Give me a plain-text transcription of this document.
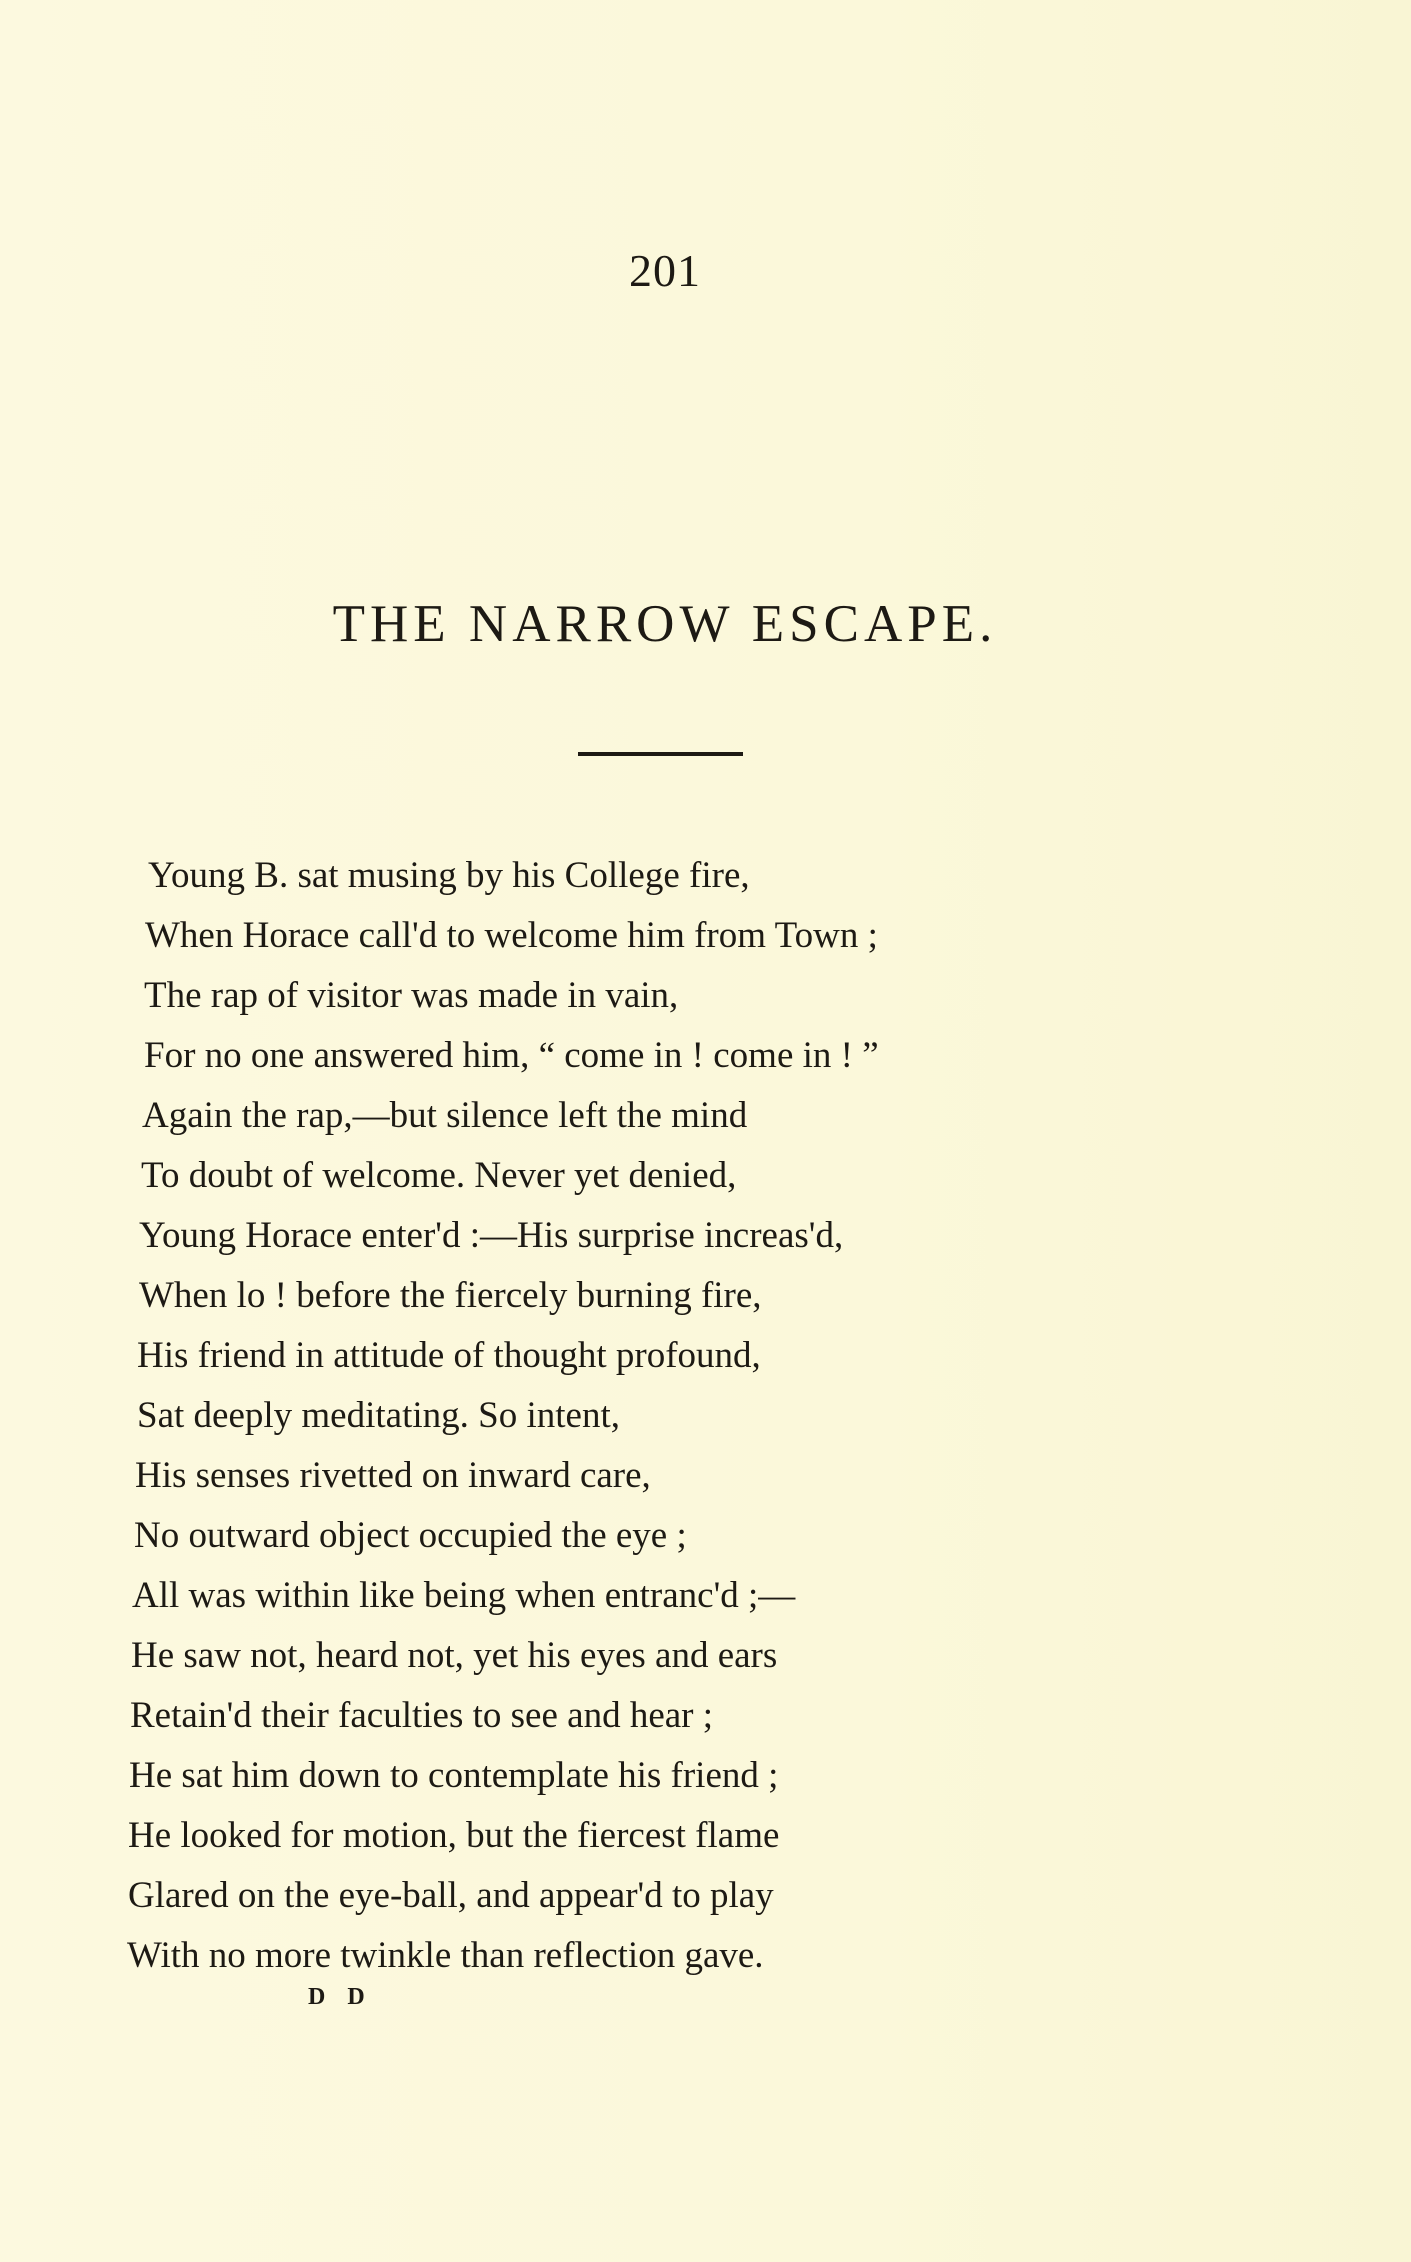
201
THE NARROW ESCAPE.
Young B. sat musing by his College fire,
When Horace call'd to welcome him from Town ;
The rap of visitor was made in vain,
For no one answered him, “ come in ! come in ! ”
Again the rap,—but silence left the mind
To doubt of welcome. Never yet denied,
Young Horace enter'd :—His surprise increas'd,
When lo ! before the fiercely burning fire,
His friend in attitude of thought profound,
Sat deeply meditating. So intent,
His senses rivetted on inward care,
No outward object occupied the eye ;
All was within like being when entranc'd ;—
He saw not, heard not, yet his eyes and ears
Retain'd their faculties to see and hear ;
He sat him down to contemplate his friend ;
He looked for motion, but the fiercest flame
Glared on the eye-ball, and appear'd to play
With no more twinkle than reflection gave.
D D
